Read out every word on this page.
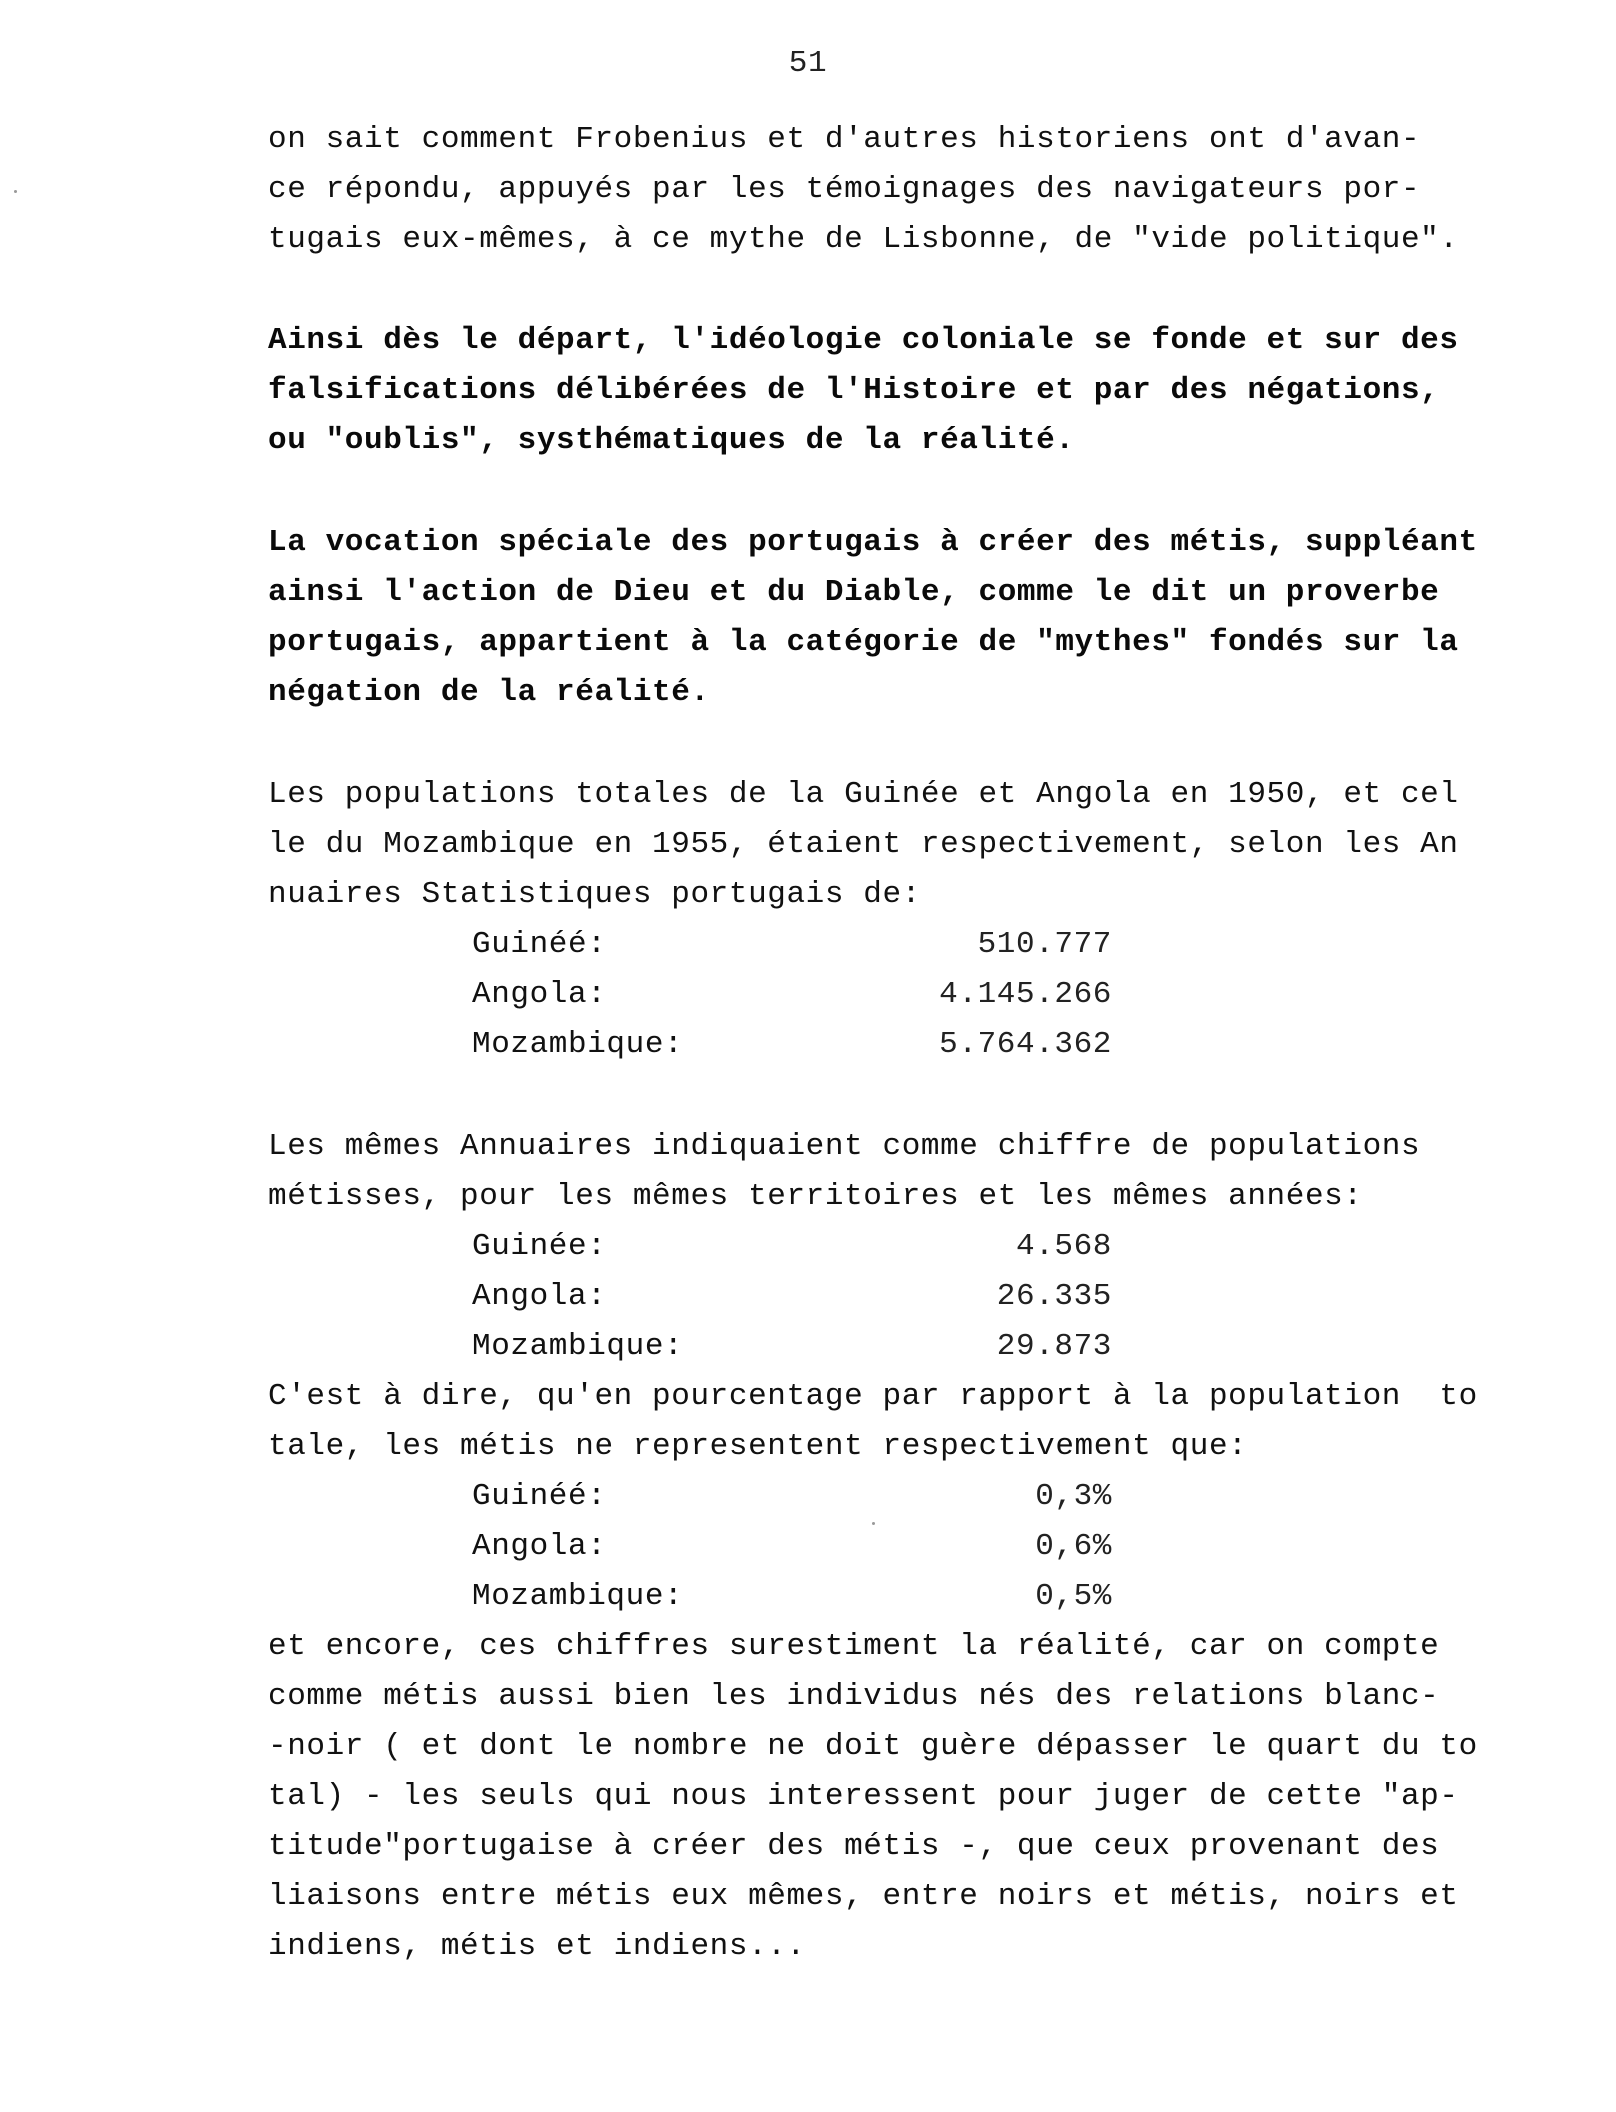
51
on sait comment Frobenius et d'autres historiens ont d'avan-
ce répondu, appuyés par les témoignages des navigateurs por-
tugais eux-mêmes, à ce mythe de Lisbonne, de "vide politique".
Ainsi dès le départ, l'idéologie coloniale se fonde et sur des
falsifications délibérées de l'Histoire et par des négations,
ou "oublis", systhématiques de la réalité.
La vocation spéciale des portugais à créer des métis, suppléant
ainsi l'action de Dieu et du Diable, comme le dit un proverbe
portugais, appartient à la catégorie de "mythes" fondés sur la
négation de la réalité.
Les populations totales de la Guinée et Angola en 1950, et cel
le du Mozambique en 1955, étaient respectivement, selon les An
nuaires Statistiques portugais de:
Guinéé:	510.777
Angola:	4.145.266
Mozambique:	5.764.362
Les mêmes Annuaires indiquaient comme chiffre de populations
métisses, pour les mêmes territoires et les mêmes années:
Guinée:	4.568
Angola:	26.335
Mozambique:	29.873
C'est à dire, qu'en pourcentage par rapport à la population  to
tale, les métis ne representent respectivement que:
Guinéé:	0,3%
Angola:	0,6%
Mozambique:	0,5%
et encore, ces chiffres surestiment la réalité, car on compte
comme métis aussi bien les individus nés des relations blanc-
-noir ( et dont le nombre ne doit guère dépasser le quart du to
tal) - les seuls qui nous interessent pour juger de cette "ap-
titude"portugaise à créer des métis -, que ceux provenant des
liaisons entre métis eux mêmes, entre noirs et métis, noirs et
indiens, métis et indiens...
